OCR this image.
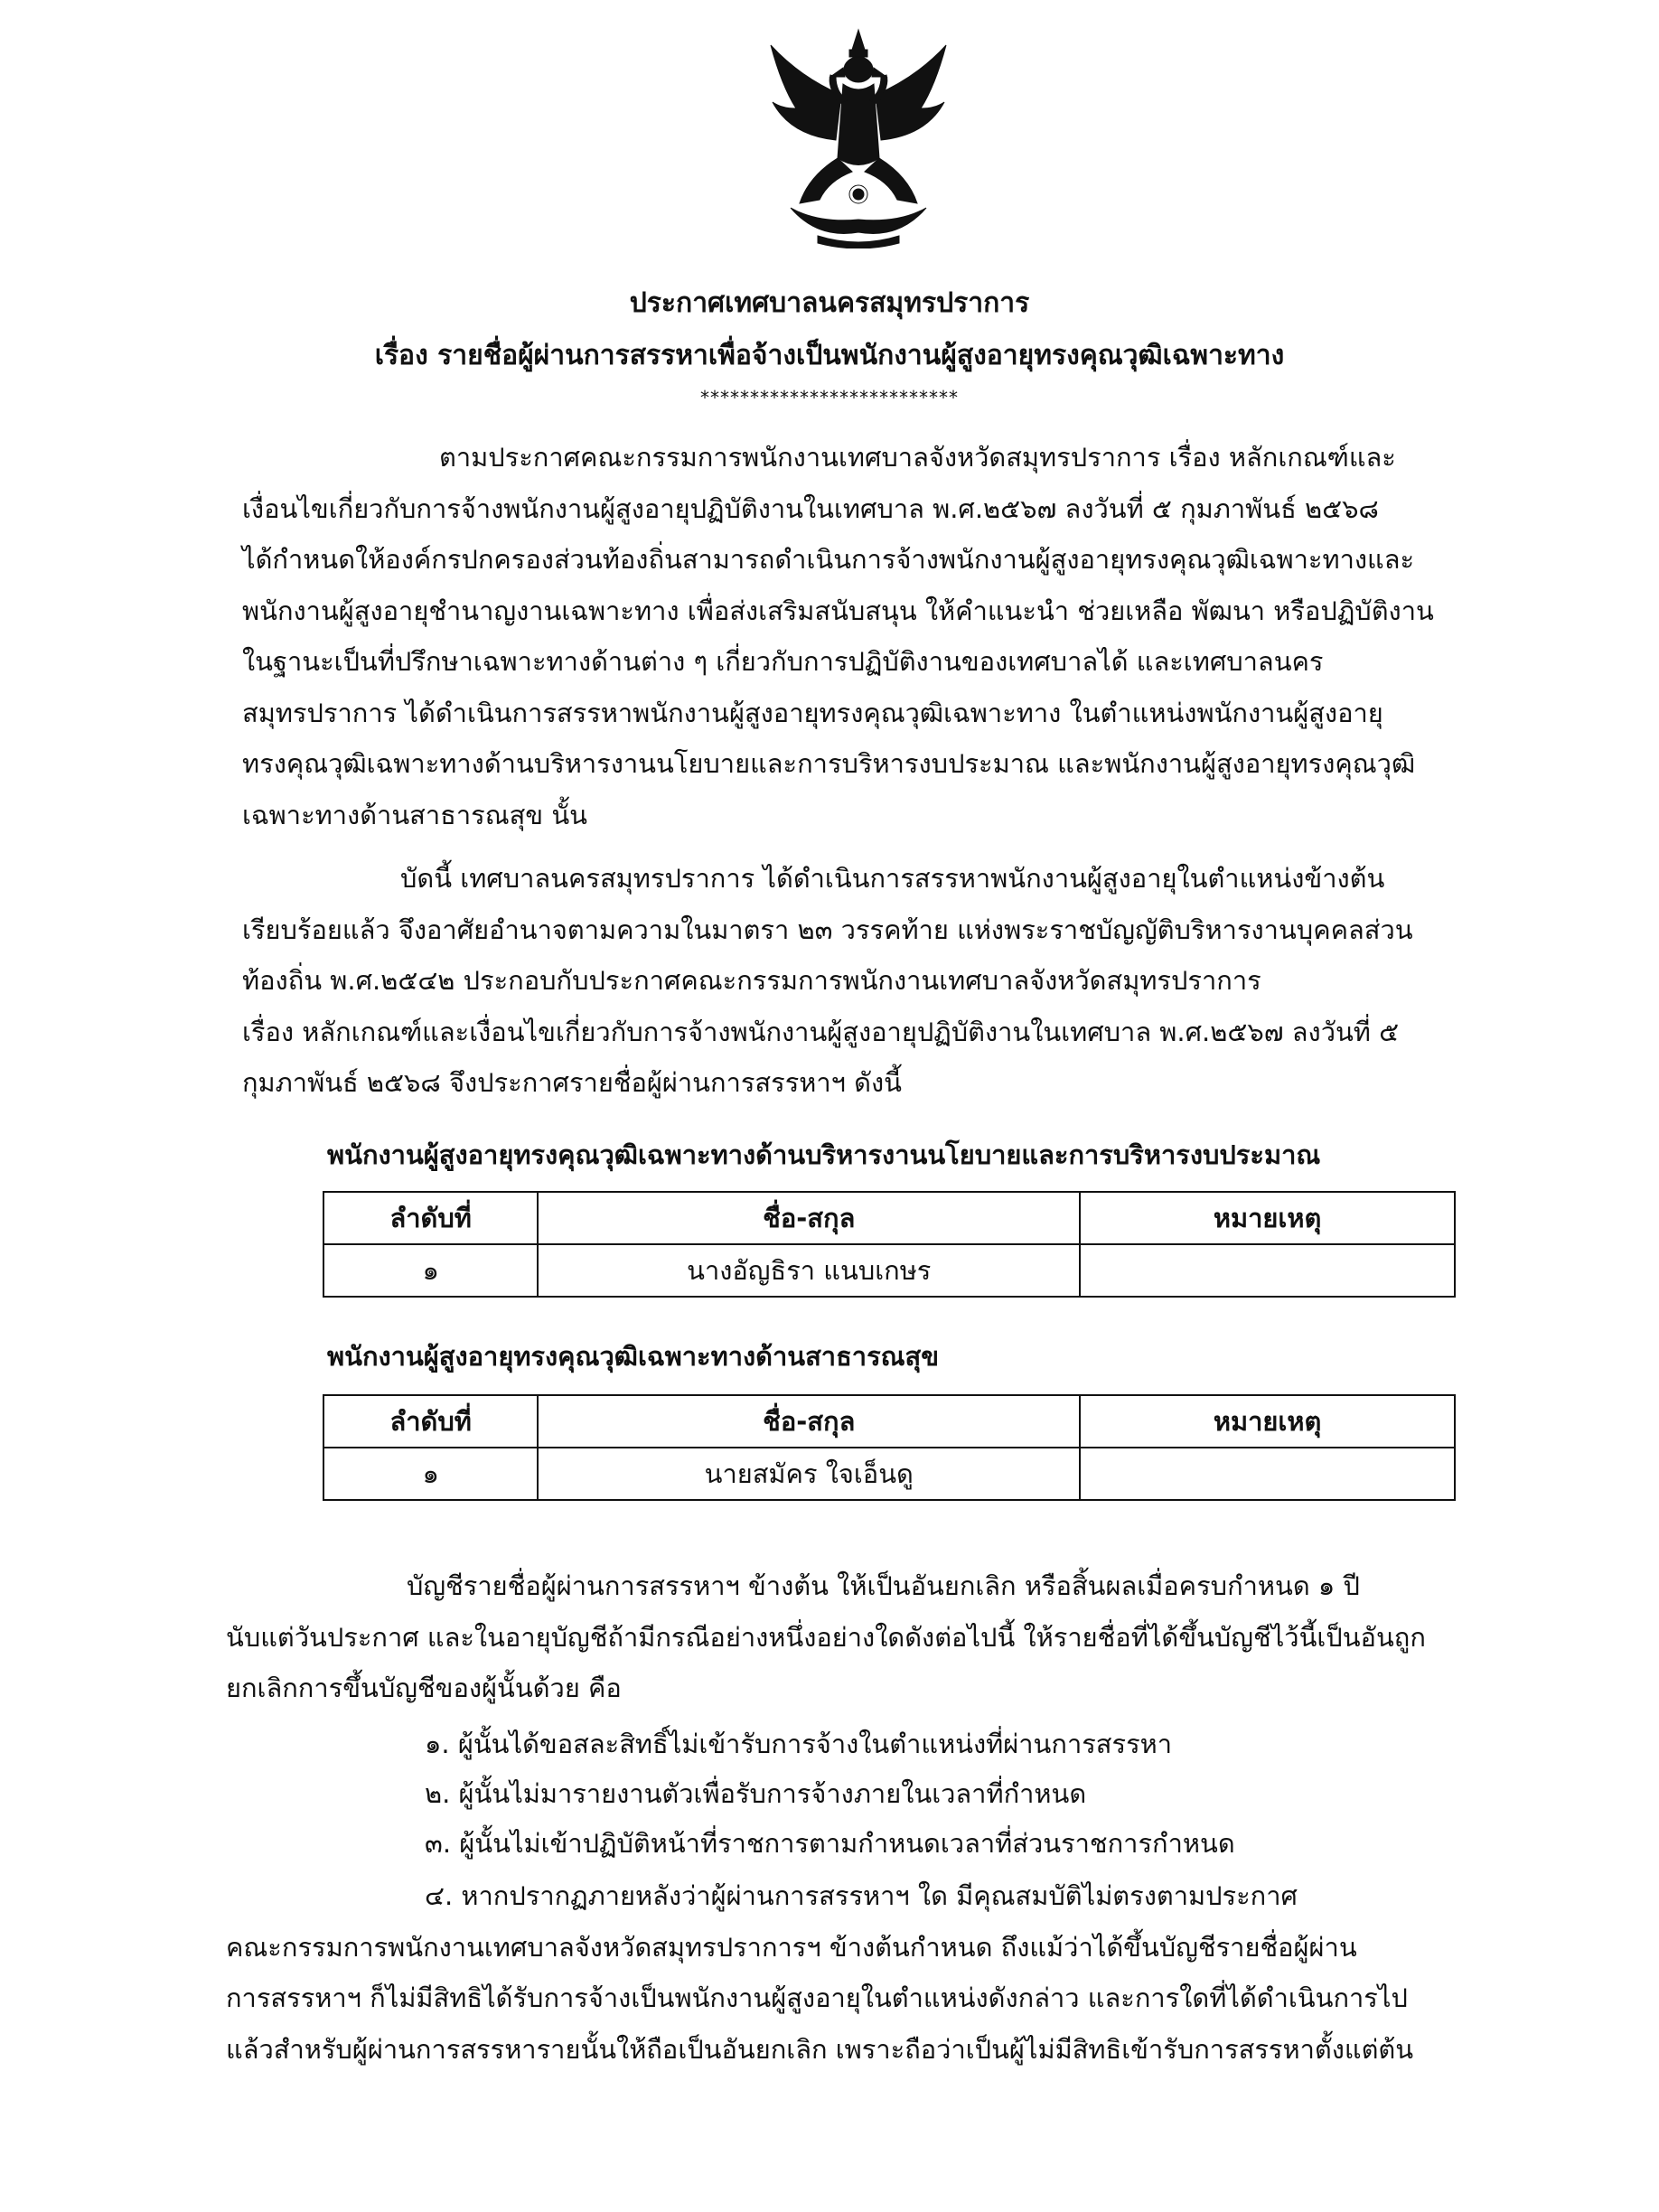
ประกาศเทศบาลนครสมุทรปราการ
เรื่อง รายชื่อผู้ผ่านการสรรหาเพื่อจ้างเป็นพนักงานผู้สูงอายุทรงคุณวุฒิเฉพาะทาง
**************************
ตามประกาศคณะกรรมการพนักงานเทศบาลจังหวัดสมุทรปราการ เรื่อง หลักเกณฑ์และ
เงื่อนไขเกี่ยวกับการจ้างพนักงานผู้สูงอายุปฏิบัติงานในเทศบาล พ.ศ.๒๕๖๗ ลงวันที่ ๕ กุมภาพันธ์ ๒๕๖๘
ได้กำหนดให้องค์กรปกครองส่วนท้องถิ่นสามารถดำเนินการจ้างพนักงานผู้สูงอายุทรงคุณวุฒิเฉพาะทางและ
พนักงานผู้สูงอายุชำนาญงานเฉพาะทาง เพื่อส่งเสริมสนับสนุน ให้คำแนะนำ ช่วยเหลือ พัฒนา หรือปฏิบัติงาน
ในฐานะเป็นที่ปรึกษาเฉพาะทางด้านต่าง ๆ เกี่ยวกับการปฏิบัติงานของเทศบาลได้ และเทศบาลนคร
สมุทรปราการ ได้ดำเนินการสรรหาพนักงานผู้สูงอายุทรงคุณวุฒิเฉพาะทาง ในตำแหน่งพนักงานผู้สูงอายุ
ทรงคุณวุฒิเฉพาะทางด้านบริหารงานนโยบายและการบริหารงบประมาณ และพนักงานผู้สูงอายุทรงคุณวุฒิ
เฉพาะทางด้านสาธารณสุข นั้น
บัดนี้ เทศบาลนครสมุทรปราการ ได้ดำเนินการสรรหาพนักงานผู้สูงอายุในตำแหน่งข้างต้น
เรียบร้อยแล้ว จึงอาศัยอำนาจตามความในมาตรา ๒๓ วรรคท้าย แห่งพระราชบัญญัติบริหารงานบุคคลส่วน
ท้องถิ่น พ.ศ.๒๕๔๒ ประกอบกับประกาศคณะกรรมการพนักงานเทศบาลจังหวัดสมุทรปราการ
เรื่อง หลักเกณฑ์และเงื่อนไขเกี่ยวกับการจ้างพนักงานผู้สูงอายุปฏิบัติงานในเทศบาล พ.ศ.๒๕๖๗ ลงวันที่ ๕
กุมภาพันธ์ ๒๕๖๘ จึงประกาศรายชื่อผู้ผ่านการสรรหาฯ ดังนี้
พนักงานผู้สูงอายุทรงคุณวุฒิเฉพาะทางด้านบริหารงานนโยบายและการบริหารงบประมาณ
ลำดับที่	ชื่อ-สกุล	หมายเหตุ
๑	นางอัญธิรา แนบเกษร	
พนักงานผู้สูงอายุทรงคุณวุฒิเฉพาะทางด้านสาธารณสุข
ลำดับที่	ชื่อ-สกุล	หมายเหตุ
๑	นายสมัคร ใจเอ็นดู	
บัญชีรายชื่อผู้ผ่านการสรรหาฯ ข้างต้น ให้เป็นอันยกเลิก หรือสิ้นผลเมื่อครบกำหนด ๑ ปี
นับแต่วันประกาศ และในอายุบัญชีถ้ามีกรณีอย่างหนึ่งอย่างใดดังต่อไปนี้ ให้รายชื่อที่ได้ขึ้นบัญชีไว้นี้เป็นอันถูก
ยกเลิกการขึ้นบัญชีของผู้นั้นด้วย คือ
๑. ผู้นั้นได้ขอสละสิทธิ์ไม่เข้ารับการจ้างในตำแหน่งที่ผ่านการสรรหา
๒. ผู้นั้นไม่มารายงานตัวเพื่อรับการจ้างภายในเวลาที่กำหนด
๓. ผู้นั้นไม่เข้าปฏิบัติหน้าที่ราชการตามกำหนดเวลาที่ส่วนราชการกำหนด
๔. หากปรากฏภายหลังว่าผู้ผ่านการสรรหาฯ ใด มีคุณสมบัติไม่ตรงตามประกาศ
คณะกรรมการพนักงานเทศบาลจังหวัดสมุทรปราการฯ ข้างต้นกำหนด ถึงแม้ว่าได้ขึ้นบัญชีรายชื่อผู้ผ่าน
การสรรหาฯ ก็ไม่มีสิทธิได้รับการจ้างเป็นพนักงานผู้สูงอายุในตำแหน่งดังกล่าว และการใดที่ได้ดำเนินการไป
แล้วสำหรับผู้ผ่านการสรรหารายนั้นให้ถือเป็นอันยกเลิก เพราะถือว่าเป็นผู้ไม่มีสิทธิเข้ารับการสรรหาตั้งแต่ต้น
